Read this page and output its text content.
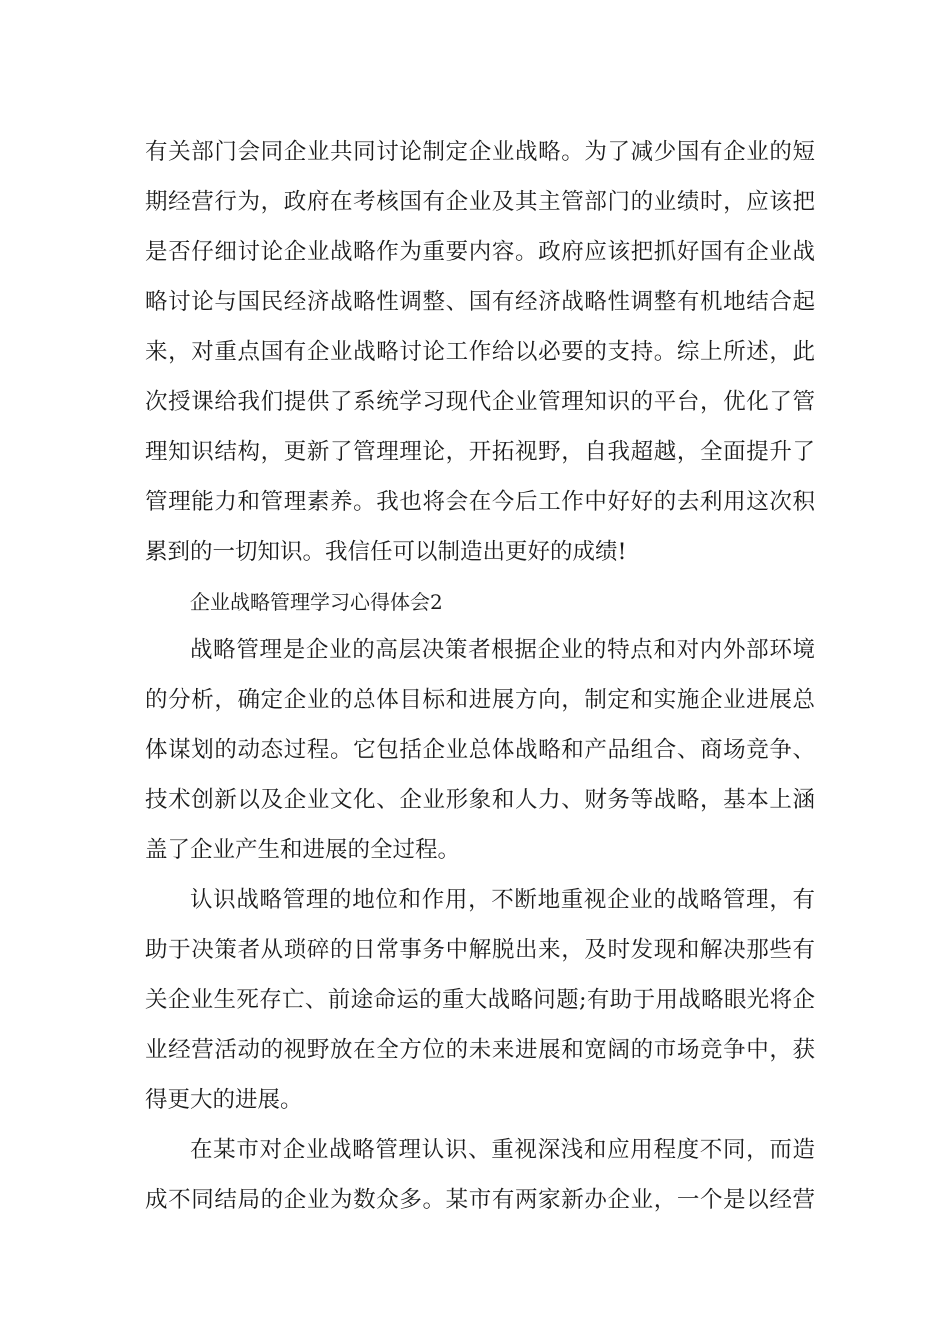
有关部门会同企业共同讨论制定企业战略。为了减少国有企业的短
期经营行为，政府在考核国有企业及其主管部门的业绩时，应该把
是否仔细讨论企业战略作为重要内容。政府应该把抓好国有企业战
略讨论与国民经济战略性调整、国有经济战略性调整有机地结合起
来，对重点国有企业战略讨论工作给以必要的支持。综上所述，此
次授课给我们提供了系统学习现代企业管理知识的平台，优化了管
理知识结构，更新了管理理论，开拓视野，自我超越，全面提升了
管理能力和管理素养。我也将会在今后工作中好好的去利用这次积
累到的一切知识。我信任可以制造出更好的成绩!
企业战略管理学习心得体会2
战略管理是企业的高层决策者根据企业的特点和对内外部环境
的分析，确定企业的总体目标和进展方向，制定和实施企业进展总
体谋划的动态过程。它包括企业总体战略和产品组合、商场竞争、
技术创新以及企业文化、企业形象和人力、财务等战略，基本上涵
盖了企业产生和进展的全过程。
认识战略管理的地位和作用，不断地重视企业的战略管理，有
助于决策者从琐碎的日常事务中解脱出来，及时发现和解决那些有
关企业生死存亡、前途命运的重大战略问题;有助于用战略眼光将企
业经营活动的视野放在全方位的未来进展和宽阔的市场竞争中，获
得更大的进展。
在某市对企业战略管理认识、重视深浅和应用程度不同，而造
成不同结局的企业为数众多。某市有两家新办企业，一个是以经营
